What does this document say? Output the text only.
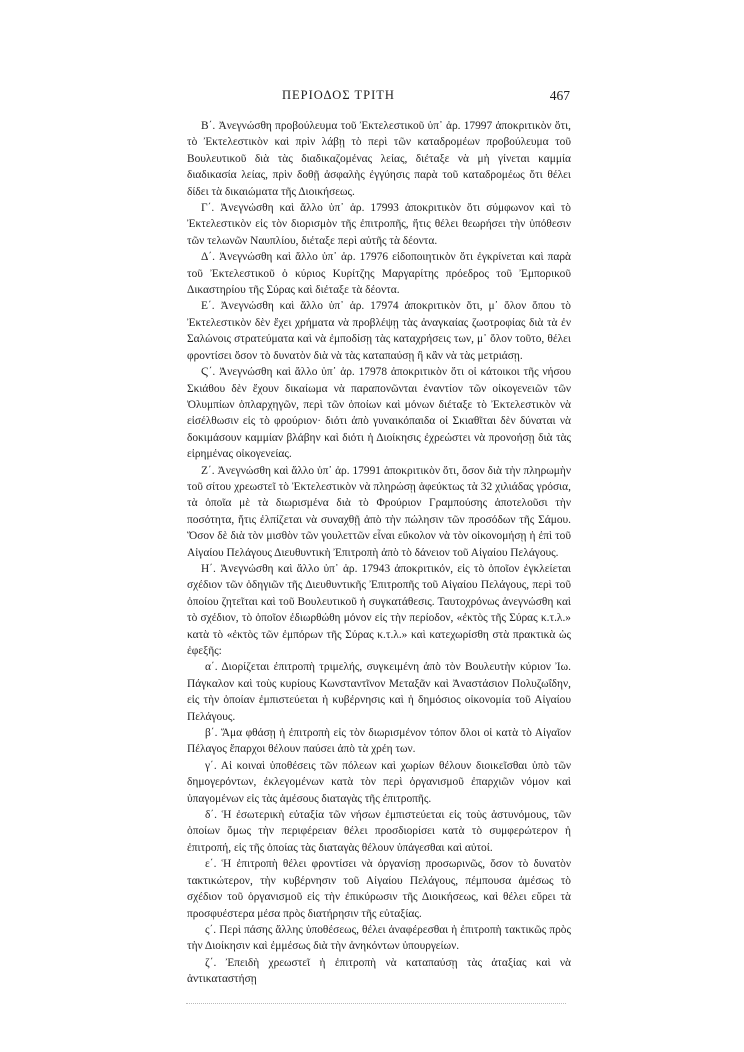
ΠΕΡΙΟΔΟΣ ΤΡΙΤΗ	467

Β΄. Ἀνεγνώσθη προβούλευμα τοῦ Ἐκτελεστικοῦ ὑπ᾿ ἀρ. 17997 ἀποκριτικὸν ὅτι, τὸ Ἐκτελεστικὸν καὶ πρὶν λάβῃ τὸ περὶ τῶν καταδρομέων προβούλευμα τοῦ Βουλευτικοῦ διὰ τὰς διαδικαζομένας λείας, διέταξε νὰ μὴ γίνεται καμμία διαδικασία λείας, πρὶν δοθῇ ἀσφαλὴς ἐγγύησις παρὰ τοῦ καταδρομέως ὅτι θέλει δίδει τὰ δικαιώματα τῆς Διοικήσεως.

Γ΄. Ἀνεγνώσθη καὶ ἄλλο ὑπ᾿ ἀρ. 17993 ἀποκριτικὸν ὅτι σύμφωνον καὶ τὸ Ἐκτελεστικὸν εἰς τὸν διορισμὸν τῆς ἐπιτροπῆς, ἥτις θέλει θεωρήσει τὴν ὑπόθεσιν τῶν τελωνῶν Ναυπλίου, διέταξε περὶ αὐτῆς τὰ δέοντα.

Δ΄. Ἀνεγνώσθη καὶ ἄλλο ὑπ᾿ ἀρ. 17976 εἰδοποιητικὸν ὅτι ἐγκρίνεται καὶ παρὰ τοῦ Ἐκτελεστικοῦ ὁ κύριος Κυρίτζης Μαργαρίτης πρόεδρος τοῦ Ἐμπορικοῦ Δικαστηρίου τῆς Σύρας καὶ διέταξε τὰ δέοντα.

Ε΄. Ἀνεγνώσθη καὶ ἄλλο ὑπ᾿ ἀρ. 17974 ἀποκριτικὸν ὅτι, μ᾿ ὅλον ὅπου τὸ Ἐκτελεστικὸν δὲν ἔχει χρήματα νὰ προβλέψῃ τὰς ἀναγκαίας ζωοτροφίας διὰ τὰ ἐν Σαλώνοις στρατεύματα καὶ νὰ ἐμποδίσῃ τὰς καταχρήσεις των, μ᾿ ὅλον τοῦτο, θέλει φροντίσει ὅσον τὸ δυνατὸν διὰ νὰ τὰς καταπαύσῃ ἢ κἂν νὰ τὰς μετριάσῃ.

Ϛ΄. Ἀνεγνώσθη καὶ ἄλλο ὑπ᾿ ἀρ. 17978 ἀποκριτικὸν ὅτι οἱ κάτοικοι τῆς νήσου Σκιάθου δὲν ἔχουν δικαίωμα νὰ παραπονῶνται ἐναντίον τῶν οἰκογενειῶν τῶν Ὀλυμπίων ὁπλαρχηγῶν, περὶ τῶν ὁποίων καὶ μόνων διέταξε τὸ Ἐκτελεστικὸν νὰ εἰσέλθωσιν εἰς τὸ φρούριον· διότι ἀπὸ γυναικόπαιδα οἱ Σκιαθῖται δὲν δύναται νὰ δοκιμάσουν καμμίαν βλάβην καὶ διότι ἡ Διοίκησις ἐχρεώστει νὰ προνοήσῃ διὰ τὰς εἰρημένας οἰκογενείας.

Ζ΄. Ἀνεγνώσθη καὶ ἄλλο ὑπ᾿ ἀρ. 17991 ἀποκριτικὸν ὅτι, ὅσον διὰ τὴν πληρωμὴν τοῦ σίτου χρεωστεῖ τὸ Ἐκτελεστικὸν νὰ πληρώσῃ ἀφεύκτως τὰ 32 χιλιάδας γρόσια, τὰ ὁποῖα μὲ τὰ διωρισμένα διὰ τὸ Φρούριον Γραμπούσης ἀποτελοῦσι τὴν ποσότητα, ἥτις ἐλπίζεται νὰ συναχθῇ ἀπὸ τὴν πώλησιν τῶν προσόδων τῆς Σάμου. Ὅσον δὲ διὰ τὸν μισθὸν τῶν γουλεττῶν εἶναι εὔκολον νὰ τὸν οἰκονομήσῃ ἡ ἐπὶ τοῦ Αἰγαίου Πελάγους Διευθυντικὴ Ἐπιτροπὴ ἀπὸ τὸ δάνειον τοῦ Αἰγαίου Πελάγους.

Η΄. Ἀνεγνώσθη καὶ ἄλλο ὑπ᾿ ἀρ. 17943 ἀποκριτικόν, εἰς τὸ ὁποῖον ἐγκλείεται σχέδιον τῶν ὁδηγιῶν τῆς Διευθυντικῆς Ἐπιτροπῆς τοῦ Αἰγαίου Πελάγους, περὶ τοῦ ὁποίου ζητεῖται καὶ τοῦ Βουλευτικοῦ ἡ συγκατάθεσις. Ταυτοχρόνως ἀνεγνώσθη καὶ τὸ σχέδιον, τὸ ὁποῖον ἐδιωρθώθη μόνον εἰς τὴν περίοδον, «ἐκτὸς τῆς Σύρας κ.τ.λ.» κατὰ τὸ «ἐκτὸς τῶν ἐμπόρων τῆς Σύρας κ.τ.λ.» καὶ κατεχωρίσθη στὰ πρακτικὰ ὡς ἐφεξῆς:

α΄. Διορίζεται ἐπιτροπὴ τριμελής, συγκειμένη ἀπὸ τὸν Βουλευτὴν κύριον Ἰω. Πάγκαλον καὶ τοὺς κυρίους Κωνσταντῖνον Μεταξᾶν καὶ Ἀναστάσιον Πολυζωΐδην, εἰς τὴν ὁποίαν ἐμπιστεύεται ἡ κυβέρνησις καὶ ἡ δημόσιος οἰκονομία τοῦ Αἰγαίου Πελάγους.

β΄. Ἅμα φθάσῃ ἡ ἐπιτροπὴ εἰς τὸν διωρισμένον τόπον ὅλοι οἱ κατὰ τὸ Αἰγαῖον Πέλαγος ἔπαρχοι θέλουν παύσει ἀπὸ τὰ χρέη των.

γ΄. Αἱ κοιναὶ ὑποθέσεις τῶν πόλεων καὶ χωρίων θέλουν διοικεῖσθαι ὑπὸ τῶν δημογερόντων, ἐκλεγομένων κατὰ τὸν περὶ ὀργανισμοῦ ἐπαρχιῶν νόμον καὶ ὑπαγομένων εἰς τὰς ἀμέσους διαταγὰς τῆς ἐπιτροπῆς.

δ΄. Ἡ ἐσωτερικὴ εὐταξία τῶν νήσων ἐμπιστεύεται εἰς τοὺς ἀστυνόμους, τῶν ὁποίων ὅμως τὴν περιφέρειαν θέλει προσδιορίσει κατὰ τὸ συμφερώτερον ἡ ἐπιτροπή, εἰς τῆς ὁποίας τὰς διαταγὰς θέλουν ὑπάγεσθαι καὶ αὐτοί.

ε΄. Ἡ ἐπιτροπὴ θέλει φροντίσει νὰ ὀργανίσῃ προσωρινῶς, ὅσον τὸ δυνατὸν τακτικώτερον, τὴν κυβέρνησιν τοῦ Αἰγαίου Πελάγους, πέμπουσα ἀμέσως τὸ σχέδιον τοῦ ὀργανισμοῦ εἰς τὴν ἐπικύρωσιν τῆς Διοικήσεως, καὶ θέλει εὕρει τὰ προσφυέστερα μέσα πρὸς διατήρησιν τῆς εὐταξίας.

ς΄. Περὶ πάσης ἄλλης ὑποθέσεως, θέλει ἀναφέρεσθαι ἡ ἐπιτροπὴ τακτικῶς πρὸς τὴν Διοίκησιν καὶ ἐμμέσως διὰ τὴν ἀνηκόντων ὑπουργείων.

ζ΄. Ἐπειδὴ χρεωστεῖ ἡ ἐπιτροπὴ νὰ καταπαύσῃ τὰς ἀταξίας καὶ νὰ ἀντικαταστήσῃ
